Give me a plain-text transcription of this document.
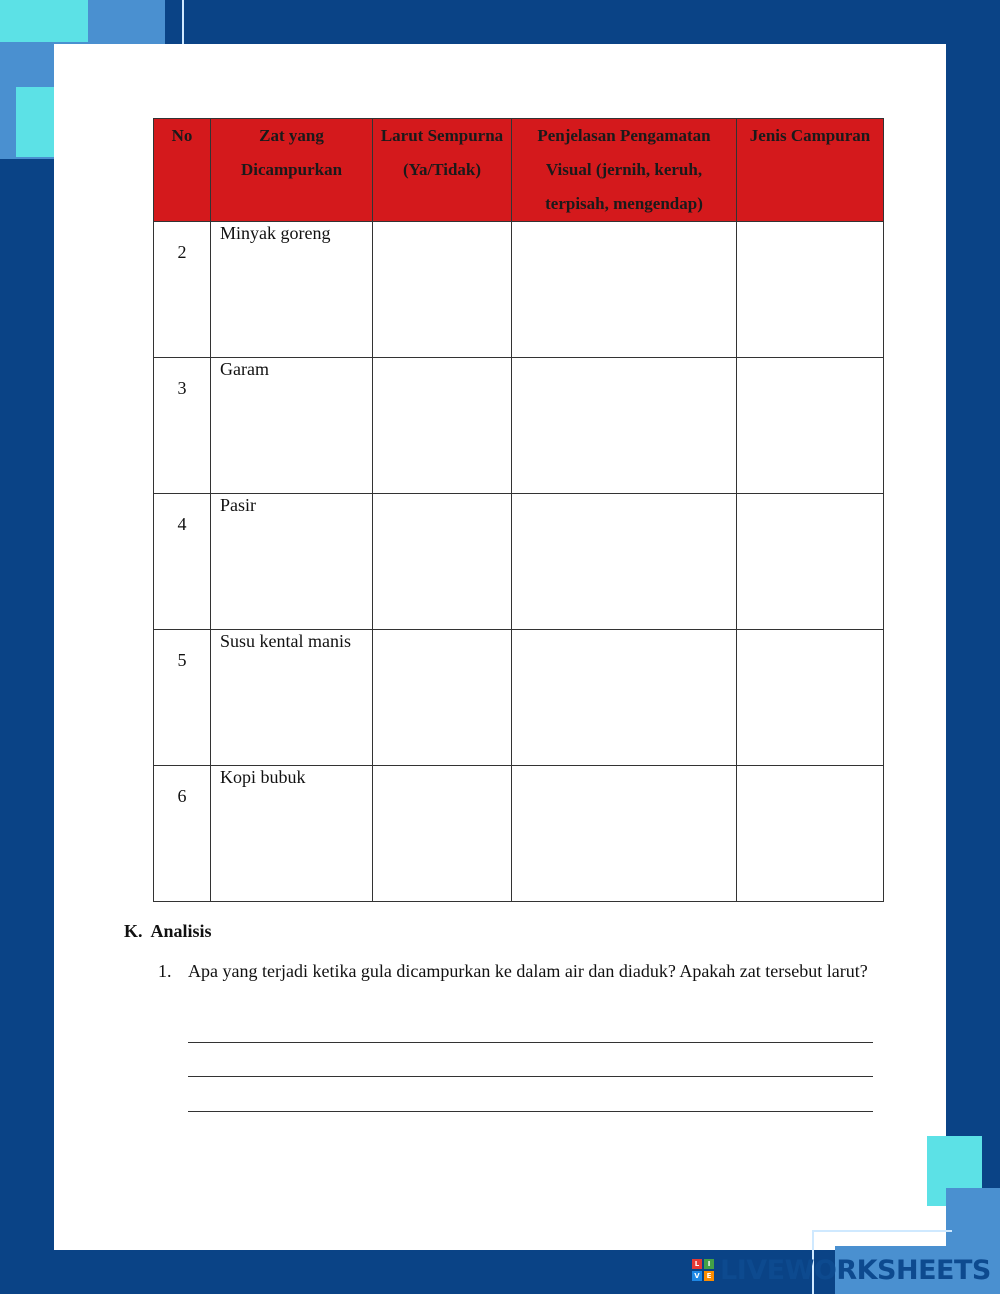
No	Zat yang Dicampurkan	Larut Sempurna (Ya/Tidak)	Penjelasan Pengamatan Visual (jernih, keruh, terpisah, mengendap)	Jenis Campuran
2	Minyak goreng			
3	Garam			
4	Pasir			
5	Susu kental manis			
6	Kopi bubuk			
K.  Analisis
1. Apa yang terjadi ketika gula dicampurkan ke dalam air dan diaduk? Apakah zat tersebut larut?
L	I
V E LIVEWORKSHEETS
